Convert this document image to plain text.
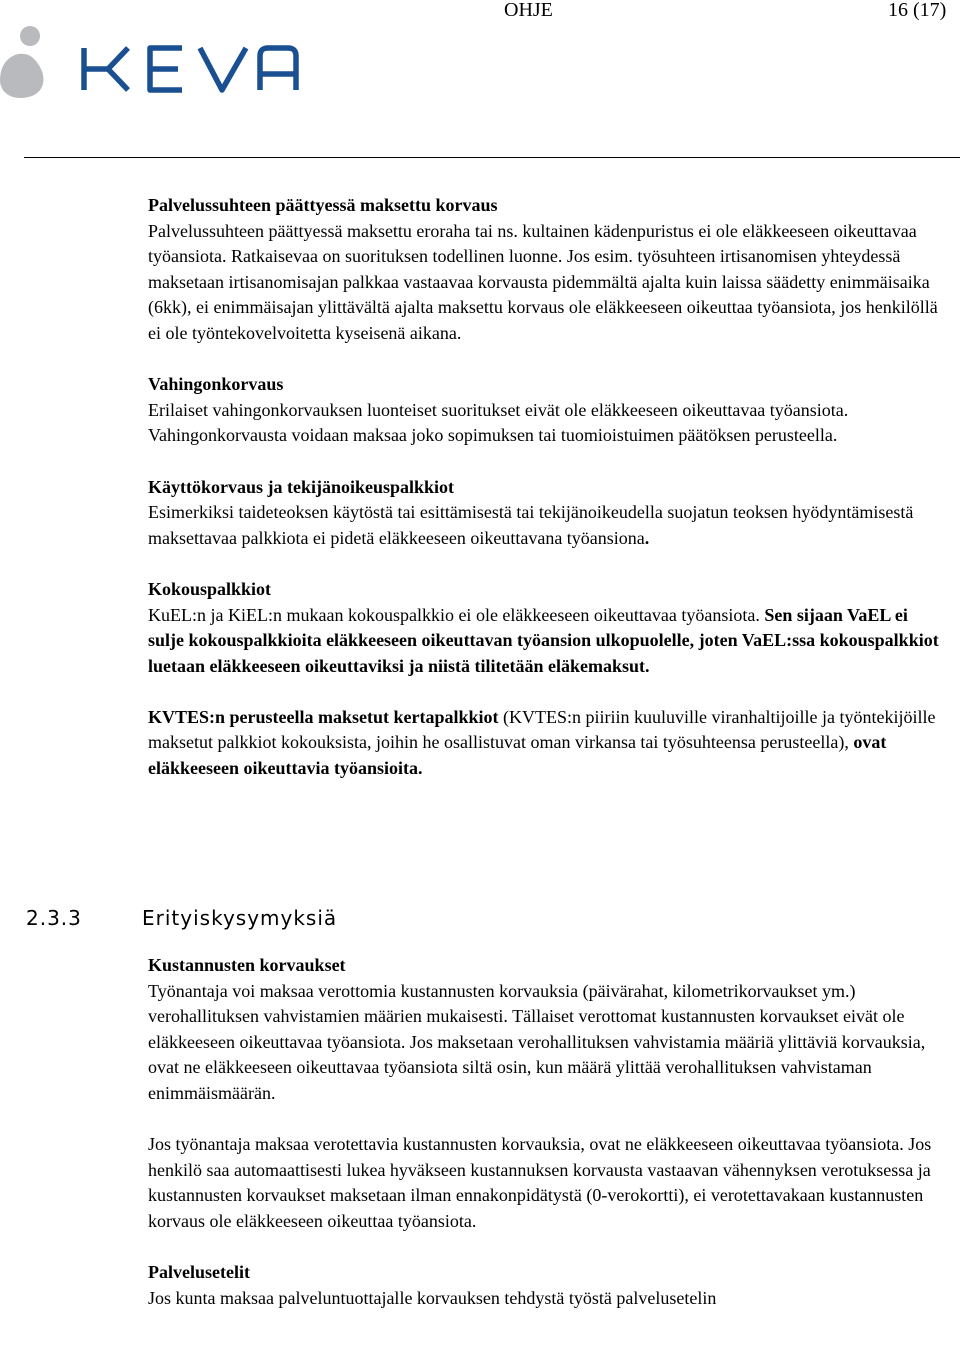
OHJE	16 (17)
KEVA
Palvelussuhteen päättyessä maksettu korvaus

Palvelussuhteen päättyessä maksettu eroraha tai ns. kultainen kädenpuristus ei ole eläkkeeseen oikeuttavaa työansiota. Ratkaisevaa on suorituksen todellinen luonne. Jos esim. työsuhteen irtisanomisen yhteydessä maksetaan irtisanomisajan palkkaa vastaavaa korvausta pidemmältä ajalta kuin laissa säädetty enimmäisaika (6kk), ei enimmäisajan ylittävältä ajalta maksettu korvaus ole eläkkeeseen oikeuttaa työansiota, jos henkilöllä ei ole työntekovelvoitetta kyseisenä aikana.

Vahingonkorvaus

Erilaiset vahingonkorvauksen luonteiset suoritukset eivät ole eläkkeeseen oikeuttavaa työansiota. Vahingonkorvausta voidaan maksaa joko sopimuksen tai tuomioistuimen päätöksen perusteella.

Käyttökorvaus ja tekijänoikeuspalkkiot

Esimerkiksi taideteoksen käytöstä tai esittämisestä tai tekijänoikeudella suojatun teoksen hyödyntämisestä maksettavaa palkkiota ei pidetä eläkkeeseen oikeuttavana työansiona.

Kokouspalkkiot

KuEL:n ja KiEL:n mukaan kokouspalkkio ei ole eläkkeeseen oikeuttavaa työansiota. Sen sijaan VaEL ei sulje kokouspalkkioita eläkkeeseen oikeuttavan työansion ulkopuolelle, joten VaEL:ssa kokouspalkkiot luetaan eläkkeeseen oikeuttaviksi ja niistä tilitetään eläkemaksut.

KVTES:n perusteella maksetut kertapalkkiot (KVTES:n piiriin kuuluville viranhaltijoille ja työntekijöille maksetut palkkiot kokouksista, joihin he osallistuvat oman virkansa tai työsuhteensa perusteella), ovat eläkkeeseen oikeuttavia työansioita.

2.3.3	Erityiskysymyksiä
Kustannusten korvaukset

Työnantaja voi maksaa verottomia kustannusten korvauksia (päivärahat, kilometrikorvaukset ym.) verohallituksen vahvistamien määrien mukaisesti. Tällaiset verottomat kustannusten korvaukset eivät ole eläkkeeseen oikeuttavaa työansiota. Jos maksetaan verohallituksen vahvistamia määriä ylittäviä korvauksia, ovat ne eläkkeeseen oikeuttavaa työansiota siltä osin, kun määrä ylittää verohallituksen vahvistaman enimmäismäärän.

Jos työnantaja maksaa verotettavia kustannusten korvauksia, ovat ne eläkkeeseen oikeuttavaa työansiota. Jos henkilö saa automaattisesti lukea hyväkseen kustannuksen korvausta vastaavan vähennyksen verotuksessa ja kustannusten korvaukset maksetaan ilman ennakonpidätystä (0-verokortti), ei verotettavakaan kustannusten korvaus ole eläkkeeseen oikeuttaa työansiota.

Palvelusetelit

Jos kunta maksaa palveluntuottajalle korvauksen tehdystä työstä palvelusetelin
